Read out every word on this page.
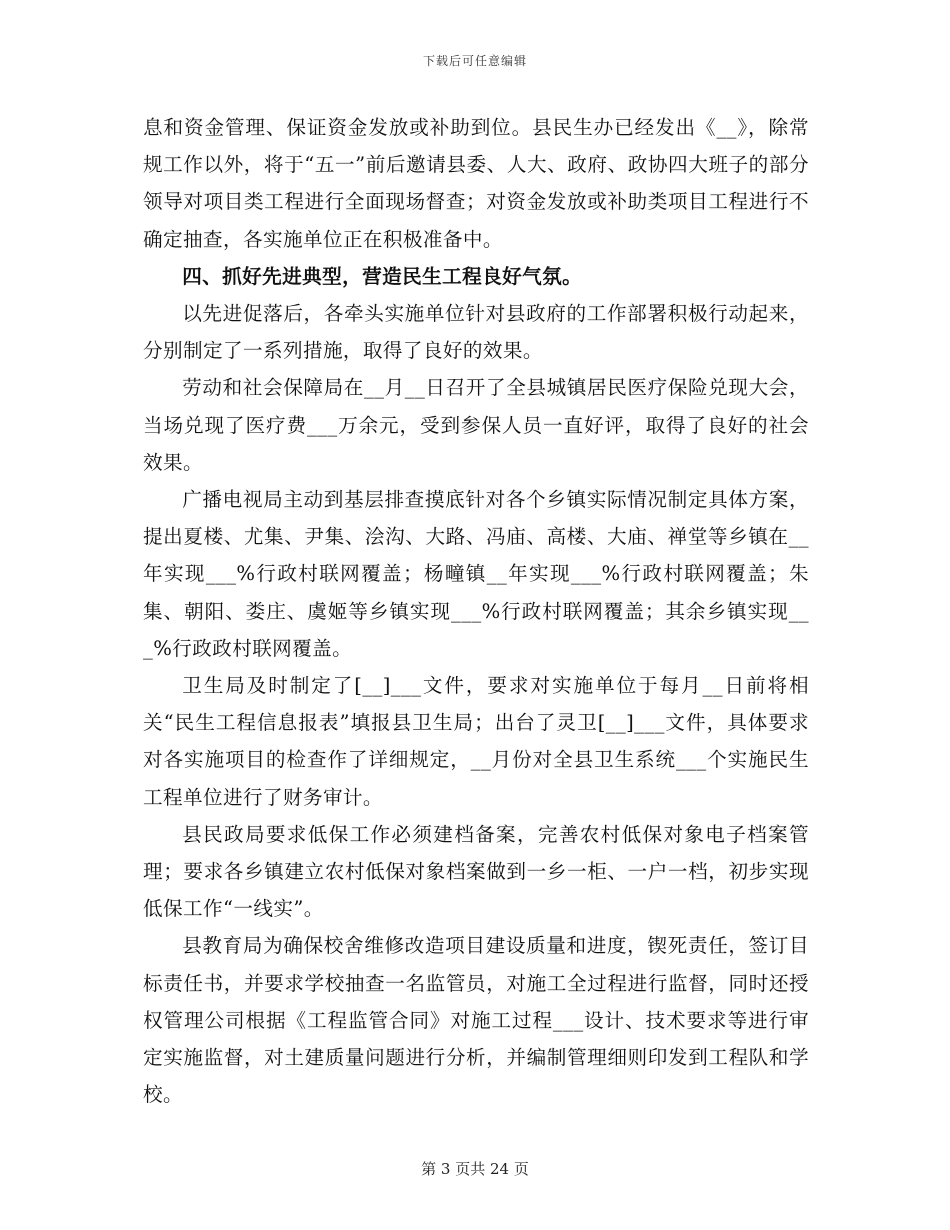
下载后可任意编辑

息和资金管理、保证资金发放或补助到位。县民生办已经发出《__》，除常规工作以外，将于“五一”前后邀请县委、人大、政府、政协四大班子的部分领导对项目类工程进行全面现场督查；对资金发放或补助类项目工程进行不确定抽查，各实施单位正在积极准备中。

四、抓好先进典型，营造民生工程良好气氛。

以先进促落后，各牵头实施单位针对县政府的工作部署积极行动起来，分别制定了一系列措施，取得了良好的效果。

劳动和社会保障局在__月__日召开了全县城镇居民医疗保险兑现大会，当场兑现了医疗费___万余元，受到参保人员一直好评，取得了良好的社会效果。

广播电视局主动到基层排查摸底针对各个乡镇实际情况制定具体方案，提出夏楼、尤集、尹集、浍沟、大路、冯庙、高楼、大庙、禅堂等乡镇在__年实现___%行政村联网覆盖；杨疃镇__年实现___%行政村联网覆盖；朱集、朝阳、娄庄、虞姬等乡镇实现___%行政村联网覆盖；其余乡镇实现___%行政政村联网覆盖。

卫生局及时制定了[__]___文件，要求对实施单位于每月__日前将相关“民生工程信息报表”填报县卫生局；出台了灵卫[__]___文件，具体要求对各实施项目的检查作了详细规定，__月份对全县卫生系统___个实施民生工程单位进行了财务审计。

县民政局要求低保工作必须建档备案，完善农村低保对象电子档案管理；要求各乡镇建立农村低保对象档案做到一乡一柜、一户一档，初步实现低保工作“一线实”。

县教育局为确保校舍维修改造项目建设质量和进度，锲死责任，签订目标责任书，并要求学校抽查一名监管员，对施工全过程进行监督，同时还授权管理公司根据《工程监管合同》对施工过程___设计、技术要求等进行审定实施监督，对土建质量问题进行分析，并编制管理细则印发到工程队和学校。

第 3 页共 24 页
